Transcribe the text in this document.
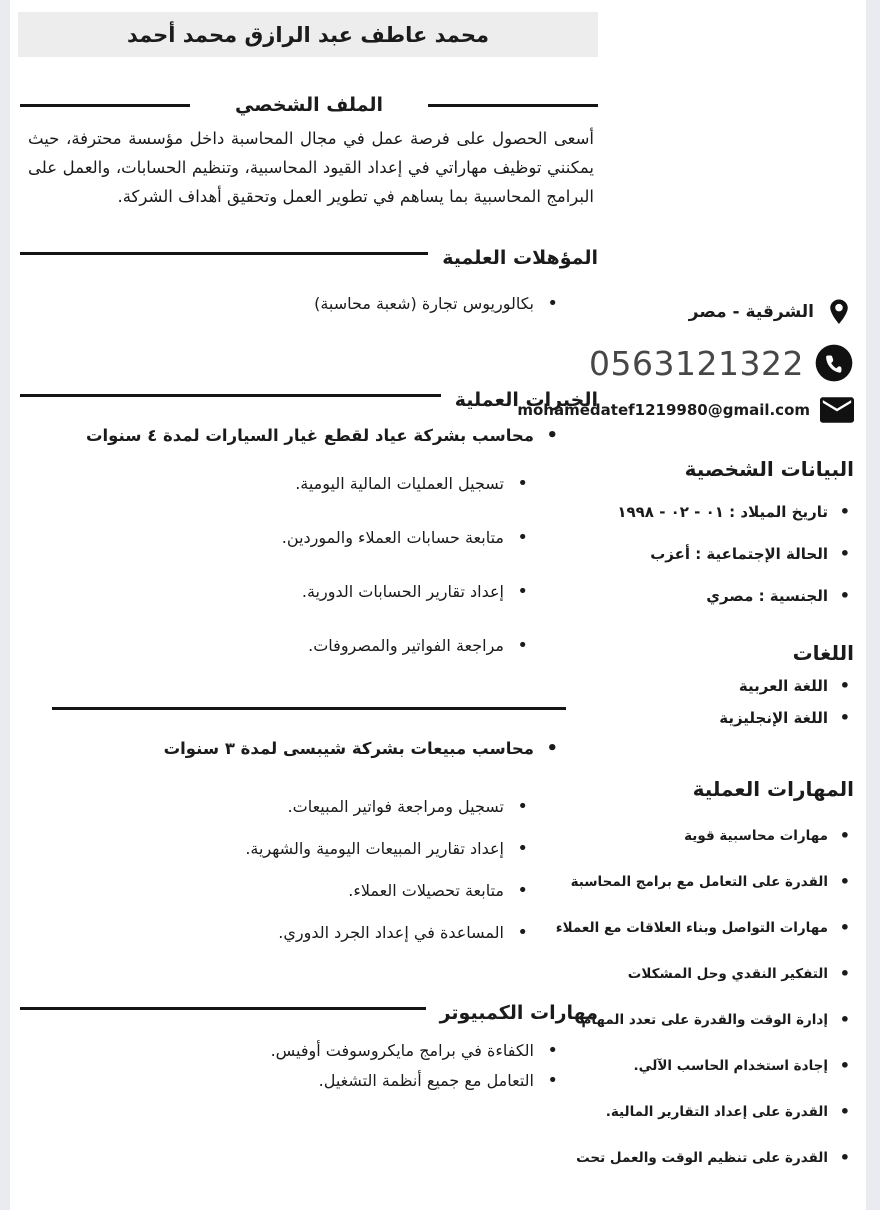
محمد عاطف عبد الرازق محمد أحمد
الملف الشخصي

أسعى الحصول على فرصة عمل في مجال المحاسبة داخل مؤسسة محترفة، حيث يمكنني توظيف مهاراتي في إعداد القيود المحاسبية، وتنظيم الحسابات، والعمل على البرامج المحاسبية بما يساهم في تطوير العمل وتحقيق أهداف الشركة.

المؤهلات العلمية
• بكالوريوس تجارة (شعبة محاسبة)
الخبرات العملية
• محاسب بشركة عياد لقطع غيار السيارات لمدة ٤ سنوات
• تسجيل العمليات المالية اليومية.
• متابعة حسابات العملاء والموردين.
• إعداد تقارير الحسابات الدورية.
• مراجعة الفواتير والمصروفات.
• محاسب مبيعات بشركة شيبسى لمدة ٣ سنوات
• تسجيل ومراجعة فواتير المبيعات.
• إعداد تقارير المبيعات اليومية والشهرية.
• متابعة تحصيلات العملاء.
• المساعدة في إعداد الجرد الدوري.
مهارات الكمبيوتر
• الكفاءة في برامج مايكروسوفت أوفيس.
• التعامل مع جميع أنظمة التشغيل.
الشرقية - مصر
0563121322
mohamedatef1219980@gmail.com
البيانات الشخصية
• تاريخ الميلاد : ٠١ - ٠٢ - ١٩٩٨
• الحالة الإجتماعية : أعزب
• الجنسية : مصري
اللغات
• اللغة العربية
• اللغة الإنجليزية
المهارات العملية
• مهارات محاسبية قوية
• القدرة على التعامل مع برامج المحاسبة
• مهارات التواصل وبناء العلاقات مع العملاء
• التفكير النقدي وحل المشكلات
• إدارة الوقت والقدرة على تعدد المهام
• إجادة استخدام الحاسب الآلي.
• القدرة على إعداد التقارير المالية.
• القدرة على تنظيم الوقت والعمل تحت
